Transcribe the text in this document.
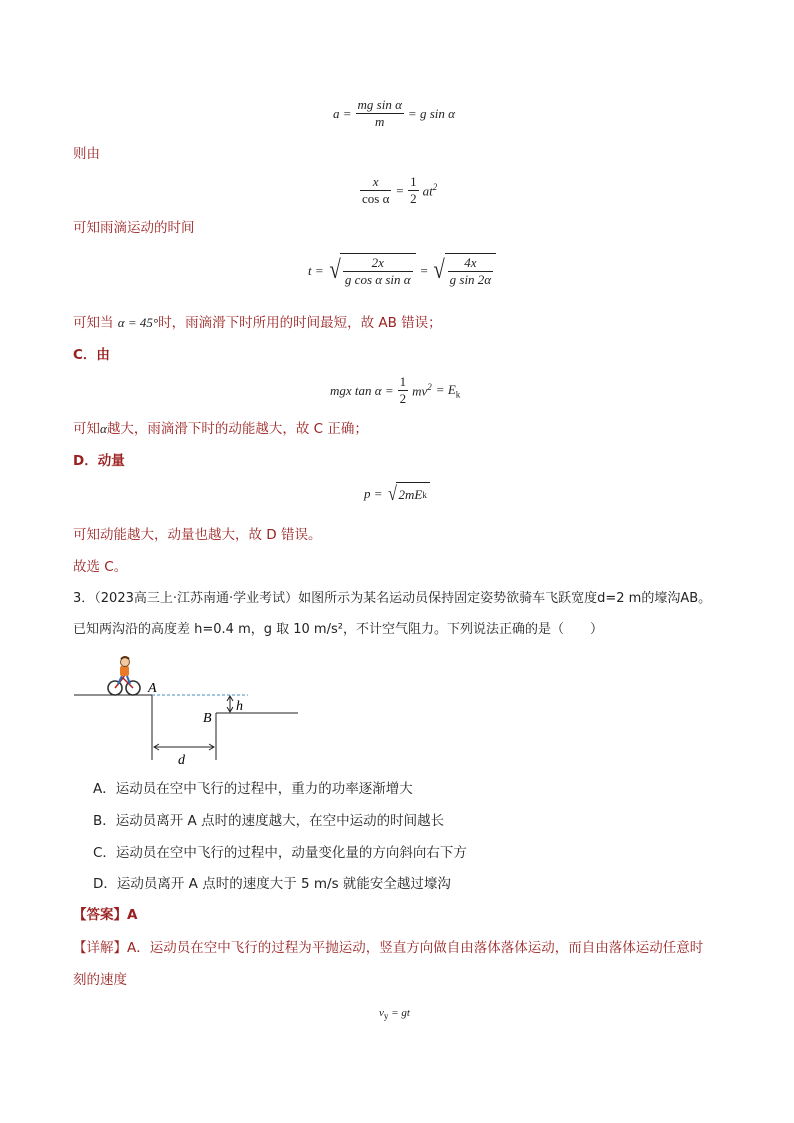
$a = \frac{\text{mg sin α}}{m} = g$ sin α
则由
$\frac{x}{\text{cos α}} = \frac{1}{2} at^2$
可知雨滴运动的时间
t = √ $\frac{2x}{\text{g cos α sin α}}$ = √ $\frac{4x}{\text{g sin 2α}}$
可知当 α = 45°时，雨滴滑下时所用的时间最短，故 AB 错误；
C．由
mgx $\tan \alpha = \frac{1}{2} mv^2 = E_k$
可知α越大，雨滴滑下时的动能越大，故 C 正确；
D．动量
p = √ 2mE k
可知动能越大，动量也越大，故 D 错误。
故选 C。
3．（2023高三上·江苏南通·学业考试）如图所示为某名运动员保持固定姿势欲骑车飞跃宽度d=2 m的壕沟AB。
已知两沟沿的高度差 h=0.4 m，g 取 10 m/s²，不计空气阻力。下列说法正确的是（　　）
A
B
h
d
A．运动员在空中飞行的过程中，重力的功率逐渐增大
B．运动员离开 A 点时的速度越大，在空中运动的时间越长
C．运动员在空中飞行的过程中，动量变化量的方向斜向右下方
D．运动员离开 A 点时的速度大于 5 m/s 就能安全越过壕沟
【答案】A
【详解】A．运动员在空中飞行的过程为平抛运动，竖直方向做自由落体落体运动，而自由落体运动任意时
刻的速度
$v_y$ = gt
